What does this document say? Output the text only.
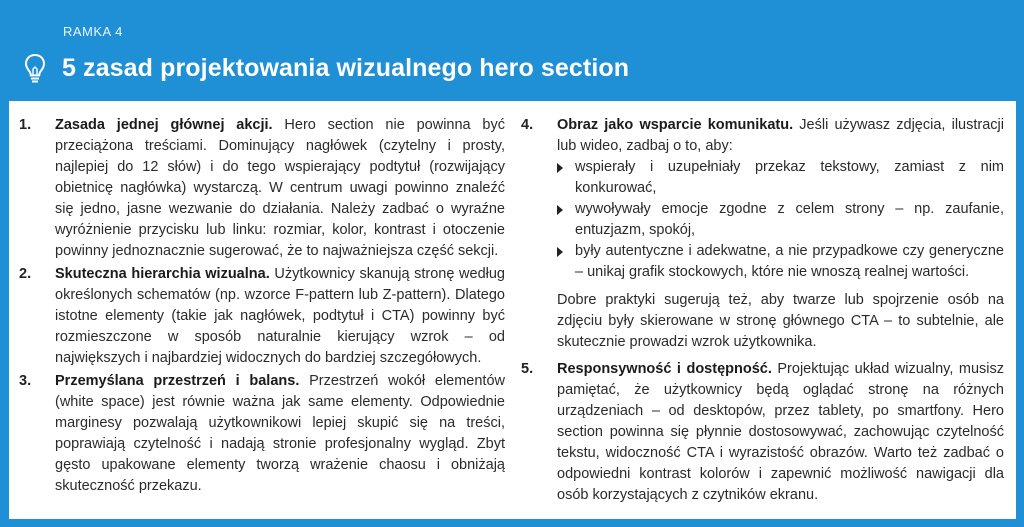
RAMKA 4
5 zasad projektowania wizualnego hero section
1.	Zasada jednej głównej akcji. Hero section nie powinna być przeciążona treściami. Dominujący nagłówek (czytelny i prosty, najlepiej do 12 słów) i do tego wspierający podtytuł (rozwijający obietnicę nagłówka) wystarczą. W centrum uwagi powinno znaleźć się jedno, jasne wezwanie do działania. Należy zadbać o wyraźne wyróżnienie przycisku lub linku: rozmiar, kolor, kontrast i otoczenie powinny jednoznacznie sugerować, że to najważniejsza część sekcji.
2.	Skuteczna hierarchia wizualna. Użytkownicy skanują stronę według określonych schematów (np. wzorce F-pattern lub Z-pattern). Dlatego istotne elementy (takie jak nagłówek, podtytuł i CTA) powinny być rozmieszczone w sposób naturalnie kierujący wzrok – od największych i najbardziej widocznych do bardziej szczegółowych.
3.	Przemyślana przestrzeń i balans. Przestrzeń wokół elementów (white space) jest równie ważna jak same elementy. Odpowiednie marginesy pozwalają użytkownikowi lepiej skupić się na treści, poprawiają czytelność i nadają stronie profesjonalny wygląd. Zbyt gęsto upakowane elementy tworzą wrażenie chaosu i obniżają skuteczność przekazu.
4.	Obraz jako wsparcie komunikatu. Jeśli używasz zdjęcia, ilustracji lub wideo, zadbaj o to, aby:
wspierały i uzupełniały przekaz tekstowy, zamiast z nim konkurować,
wywoływały emocje zgodne z celem strony – np. zaufanie, entuzjazm, spokój,
były autentyczne i adekwatne, a nie przypadkowe czy generyczne – unikaj grafik stockowych, które nie wnoszą realnej wartości.
Dobre praktyki sugerują też, aby twarze lub spojrzenie osób na zdjęciu były skierowane w stronę głównego CTA – to subtelnie, ale skutecznie prowadzi wzrok użytkownika.
5.	Responsywność i dostępność. Projektując układ wizualny, musisz pamiętać, że użytkownicy będą oglądać stronę na różnych urządzeniach – od desktopów, przez tablety, po smartfony. Hero section powinna się płynnie dostosowywać, zachowując czytelność tekstu, widoczność CTA i wyrazistość obrazów. Warto też zadbać o odpowiedni kontrast kolorów i zapewnić możliwość nawigacji dla osób korzystających z czytników ekranu.
